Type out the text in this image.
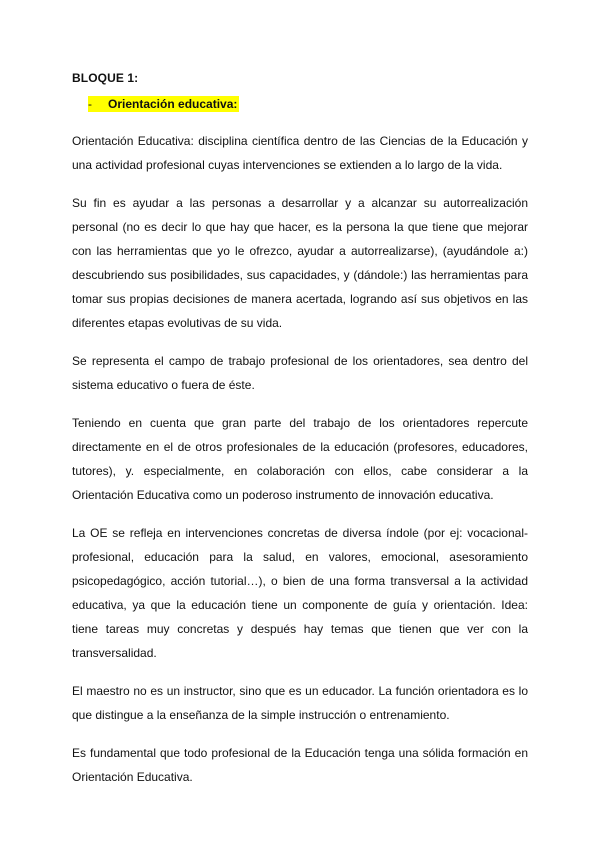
BLOQUE 1:
- Orientación educativa:

Orientación Educativa: disciplina científica dentro de las Ciencias de la Educación y una actividad profesional cuyas intervenciones se extienden a lo largo de la vida.

Su fin es ayudar a las personas a desarrollar y a alcanzar su autorrealización personal (no es decir lo que hay que hacer, es la persona la que tiene que mejorar con las herramientas que yo le ofrezco, ayudar a autorrealizarse), (ayudándole a:) descubriendo sus posibilidades, sus capacidades, y (dándole:) las herramientas para tomar sus propias decisiones de manera acertada, logrando así sus objetivos en las diferentes etapas evolutivas de su vida.

Se representa el campo de trabajo profesional de los orientadores, sea dentro del sistema educativo o fuera de éste.

Teniendo en cuenta que gran parte del trabajo de los orientadores repercute directamente en el de otros profesionales de la educación (profesores, educadores, tutores), y. especialmente, en colaboración con ellos, cabe considerar a la Orientación Educativa como un poderoso instrumento de innovación educativa.

La OE se refleja en intervenciones concretas de diversa índole (por ej: vocacional-profesional, educación para la salud, en valores, emocional, asesoramiento psicopedagógico, acción tutorial…), o bien de una forma transversal a la actividad educativa, ya que la educación tiene un componente de guía y orientación. Idea: tiene tareas muy concretas y después hay temas que tienen que ver con la transversalidad.

El maestro no es un instructor, sino que es un educador. La función orientadora es lo que distingue a la enseñanza de la simple instrucción o entrenamiento.

Es fundamental que todo profesional de la Educación tenga una sólida formación en Orientación Educativa.
